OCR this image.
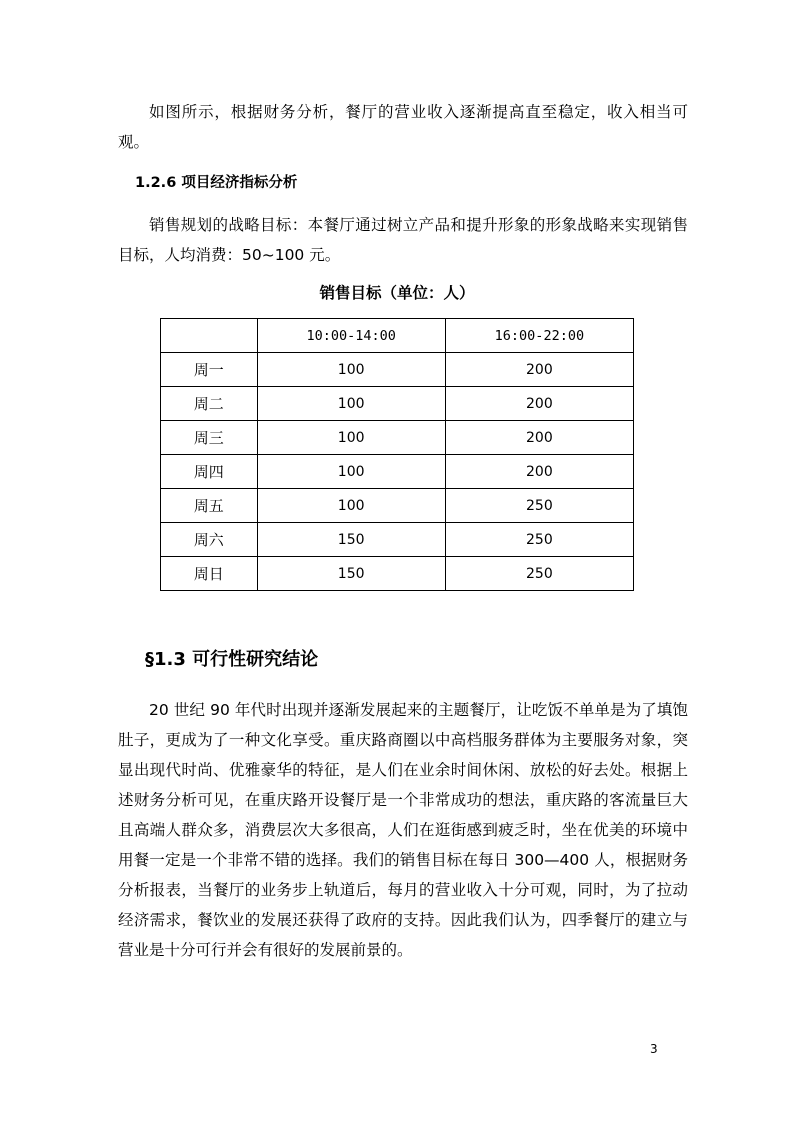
如图所示，根据财务分析，餐厅的营业收入逐渐提高直至稳定，收入相当可观。

1.2.6 项目经济指标分析

销售规划的战略目标：本餐厅通过树立产品和提升形象的形象战略来实现销售目标，人均消费：50~100 元。

销售目标（单位：人）

	10:00-14:00	16:00-22:00
周一	100	200
周二	100	200
周三	100	200
周四	100	200
周五	100	250
周六	150	250
周日	150	250

§1.3 可行性研究结论

20 世纪 90 年代时出现并逐渐发展起来的主题餐厅，让吃饭不单单是为了填饱肚子，更成为了一种文化享受。重庆路商圈以中高档服务群体为主要服务对象，突显出现代时尚、优雅豪华的特征，是人们在业余时间休闲、放松的好去处。根据上述财务分析可见，在重庆路开设餐厅是一个非常成功的想法，重庆路的客流量巨大且高端人群众多，消费层次大多很高，人们在逛街感到疲乏时，坐在优美的环境中用餐一定是一个非常不错的选择。我们的销售目标在每日 300—400 人，根据财务分析报表，当餐厅的业务步上轨道后，每月的营业收入十分可观，同时，为了拉动经济需求，餐饮业的发展还获得了政府的支持。因此我们认为，四季餐厅的建立与营业是十分可行并会有很好的发展前景的。

3
